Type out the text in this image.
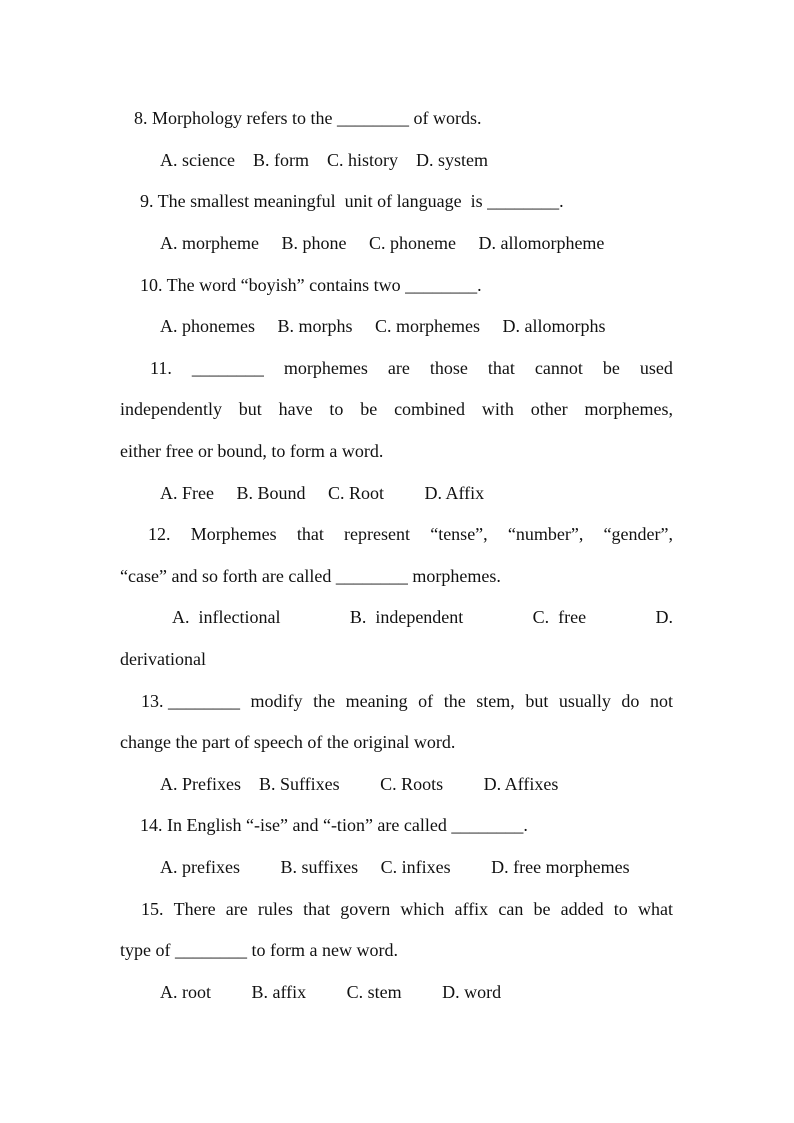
8. Morphology refers to the ________ of words.
A. science    B. form    C. history    D. system
9. The smallest meaningful  unit of language  is ________.
A. morpheme     B. phone     C. phoneme     D. allomorpheme
10. The word “boyish” contains two ________.
A. phonemes     B. morphs     C. morphemes     D. allomorphs
11. ________ morphemes are those that cannot be used
independently but have to be combined with other morphemes,
either free or bound, to form a word.
A. Free     B. Bound     C. Root         D. Affix
12. Morphemes that represent “tense”, “number”, “gender”,
“case” and so forth are called ________ morphemes.
A. inflectional	B. independent	C. free	D.
derivational
13. ________ modify the meaning of the stem, but usually do not
change the part of speech of the original word.
A. Prefixes    B. Suffixes         C. Roots         D. Affixes
14. In English “-ise” and “-tion” are called ________.
A. prefixes         B. suffixes     C. infixes         D. free morphemes
15. There are rules that govern which affix can be added to what
type of ________ to form a new word.
A. root         B. affix         C. stem         D. word
